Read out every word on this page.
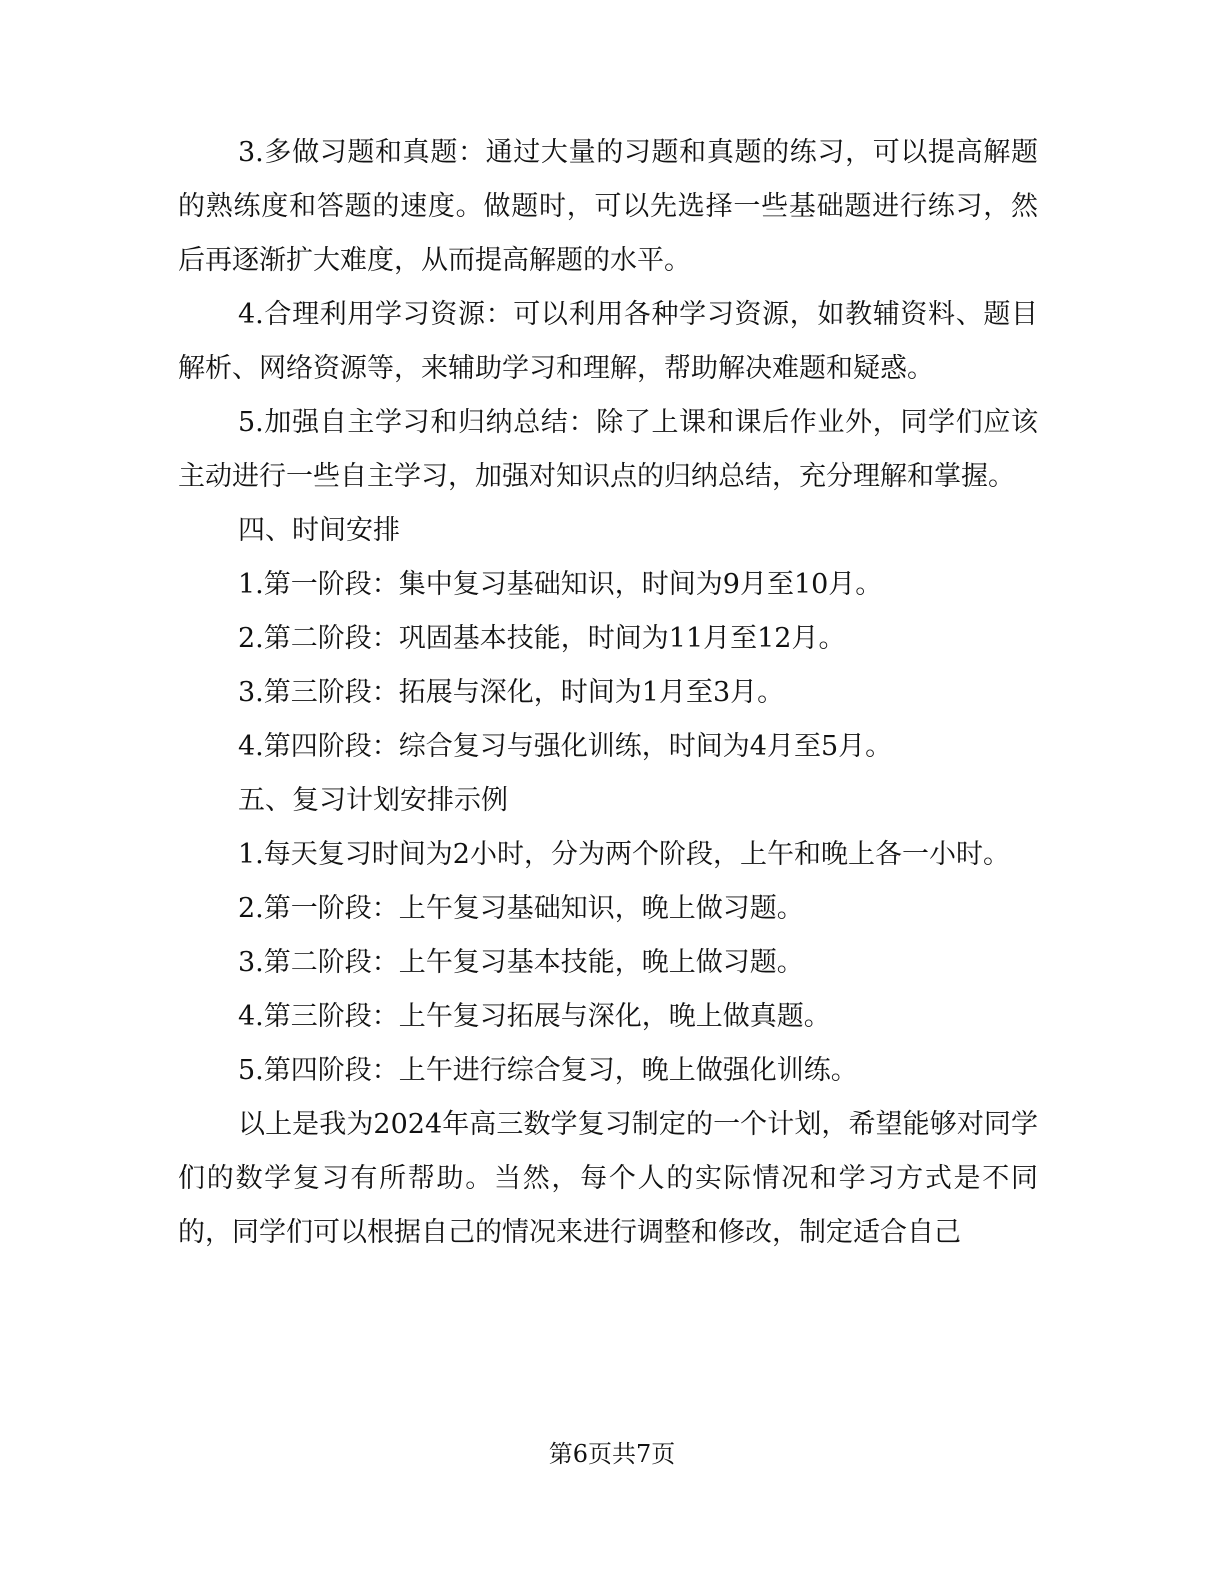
3.多做习题和真题：通过大量的习题和真题的练习，可以提高解题的熟练度和答题的速度。做题时，可以先选择一些基础题进行练习，然后再逐渐扩大难度，从而提高解题的水平。

4.合理利用学习资源：可以利用各种学习资源，如教辅资料、题目解析、网络资源等，来辅助学习和理解，帮助解决难题和疑惑。

5.加强自主学习和归纳总结：除了上课和课后作业外，同学们应该主动进行一些自主学习，加强对知识点的归纳总结，充分理解和掌握。

四、时间安排

1.第一阶段：集中复习基础知识，时间为9月至10月。

2.第二阶段：巩固基本技能，时间为11月至12月。

3.第三阶段：拓展与深化，时间为1月至3月。

4.第四阶段：综合复习与强化训练，时间为4月至5月。

五、复习计划安排示例

1.每天复习时间为2小时，分为两个阶段，上午和晚上各一小时。

2.第一阶段：上午复习基础知识，晚上做习题。

3.第二阶段：上午复习基本技能，晚上做习题。

4.第三阶段：上午复习拓展与深化，晚上做真题。

5.第四阶段：上午进行综合复习，晚上做强化训练。

以上是我为2024年高三数学复习制定的一个计划，希望能够对同学们的数学复习有所帮助。当然，每个人的实际情况和学习方式是不同的，同学们可以根据自己的情况来进行调整和修改，制定适合自己

第6页共7页
